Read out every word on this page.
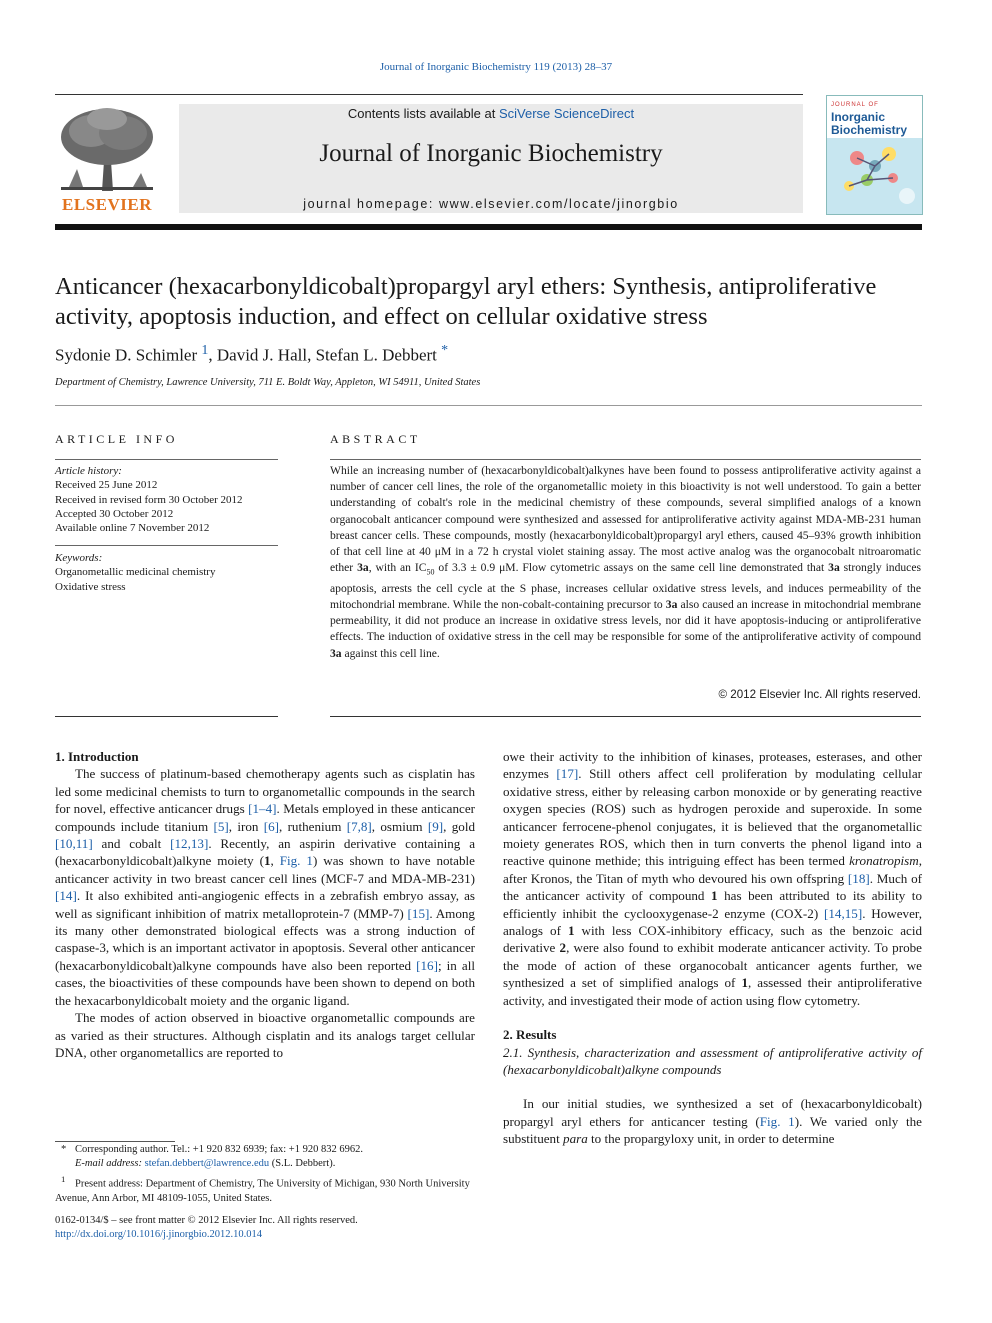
Journal of Inorganic Biochemistry 119 (2013) 28–37
ELSEVIER
Contents lists available at SciVerse ScienceDirect
Journal of Inorganic Biochemistry
journal homepage: www.elsevier.com/locate/jinorgbio
JOURNAL OF
Inorganic
Biochemistry
Anticancer (hexacarbonyldicobalt)propargyl aryl ethers: Synthesis, antiproliferative activity, apoptosis induction, and effect on cellular oxidative stress
Sydonie D. Schimler $^1$, David J. Hall, Stefan L. Debbert *
Department of Chemistry, Lawrence University, 711 E. Boldt Way, Appleton, WI 54911, United States
ARTICLE INFO
Article history:
Received 25 June 2012
Received in revised form 30 October 2012
Accepted 30 October 2012
Available online 7 November 2012
Keywords:
Organometallic medicinal chemistry
Oxidative stress
ABSTRACT
While an increasing number of (hexacarbonyldicobalt)alkynes have been found to possess antiproliferative activity against a number of cancer cell lines, the role of the organometallic moiety in this bioactivity is not well understood. To gain a better understanding of cobalt's role in the medicinal chemistry of these compounds, several simplified analogs of a known organocobalt anticancer compound were synthesized and assessed for antiproliferative activity against MDA-MB-231 human breast cancer cells. These compounds, mostly (hexacarbonyldicobalt)propargyl aryl ethers, caused 45–93% growth inhibition of that cell line at 40 μM in a 72 h crystal violet staining assay. The most active analog was the organocobalt nitroaromatic ether 3a, with an $IC_{50}$ of 3.3 ± 0.9 μM. Flow cytometric assays on the same cell line demonstrated that 3a strongly induces apoptosis, arrests the cell cycle at the S phase, increases cellular oxidative stress levels, and induces permeability of the mitochondrial membrane. While the non-cobalt-containing precursor to 3a also caused an increase in mitochondrial membrane permeability, it did not produce an increase in oxidative stress levels, nor did it have apoptosis-inducing or antiproliferative effects. The induction of oxidative stress in the cell may be responsible for some of the antiproliferative activity of compound 3a against this cell line.
© 2012 Elsevier Inc. All rights reserved.

1. Introduction

The success of platinum-based chemotherapy agents such as cisplatin has led some medicinal chemists to turn to organometallic compounds in the search for novel, effective anticancer drugs [1–4]. Metals employed in these anticancer compounds include titanium [5], iron [6], ruthenium [7,8], osmium [9], gold [10,11] and cobalt [12,13]. Recently, an aspirin derivative containing a (hexacarbonyldicobalt)alkyne moiety (1, Fig. 1) was shown to have notable anticancer activity in two breast cancer cell lines (MCF-7 and MDA-MB-231) [14]. It also exhibited anti-angiogenic effects in a zebrafish embryo assay, as well as significant inhibition of matrix metalloprotein-7 (MMP-7) [15]. Among its many other demonstrated biological effects was a strong induction of caspase-3, which is an important activator in apoptosis. Several other anticancer (hexacarbonyldicobalt)alkyne compounds have also been reported [16]; in all cases, the bioactivities of these compounds have been shown to depend on both the hexacarbonyldicobalt moiety and the organic ligand.

The modes of action observed in bioactive organometallic compounds are as varied as their structures. Although cisplatin and its analogs target cellular DNA, other organometallics are reported to

owe their activity to the inhibition of kinases, proteases, esterases, and other enzymes [17]. Still others affect cell proliferation by modulating cellular oxidative stress, either by releasing carbon monoxide or by generating reactive oxygen species (ROS) such as hydrogen peroxide and superoxide. In some anticancer ferrocene-phenol conjugates, it is believed that the organometallic moiety generates ROS, which then in turn converts the phenol ligand into a reactive quinone methide; this intriguing effect has been termed kronatropism, after Kronos, the Titan of myth who devoured his own offspring [18]. Much of the anticancer activity of compound 1 has been attributed to its ability to efficiently inhibit the cyclooxygenase-2 enzyme (COX-2) [14,15]. However, analogs of 1 with less COX-inhibitory efficacy, such as the benzoic acid derivative 2, were also found to exhibit moderate anticancer activity. To probe the mode of action of these organocobalt anticancer agents further, we synthesized a set of simplified analogs of 1, assessed their antiproliferative activity, and investigated their mode of action using flow cytometry.

2. Results

2.1. Synthesis, characterization and assessment of antiproliferative activity of (hexacarbonyldicobalt)alkyne compounds

In our initial studies, we synthesized a set of (hexacarbonyldicobalt) propargyl aryl ethers for anticancer testing (Fig. 1). We varied only the substituent para to the propargyloxy unit, in order to determine

* Corresponding author. Tel.: +1 920 832 6939; fax: +1 920 832 6962.
E-mail address: stefan.debbert@lawrence.edu (S.L. Debbert).
$^1$ Present address: Department of Chemistry, The University of Michigan, 930 North University Avenue, Ann Arbor, MI 48109-1055, United States.
0162-0134/$ – see front matter © 2012 Elsevier Inc. All rights reserved.
http://dx.doi.org/10.1016/j.jinorgbio.2012.10.014
